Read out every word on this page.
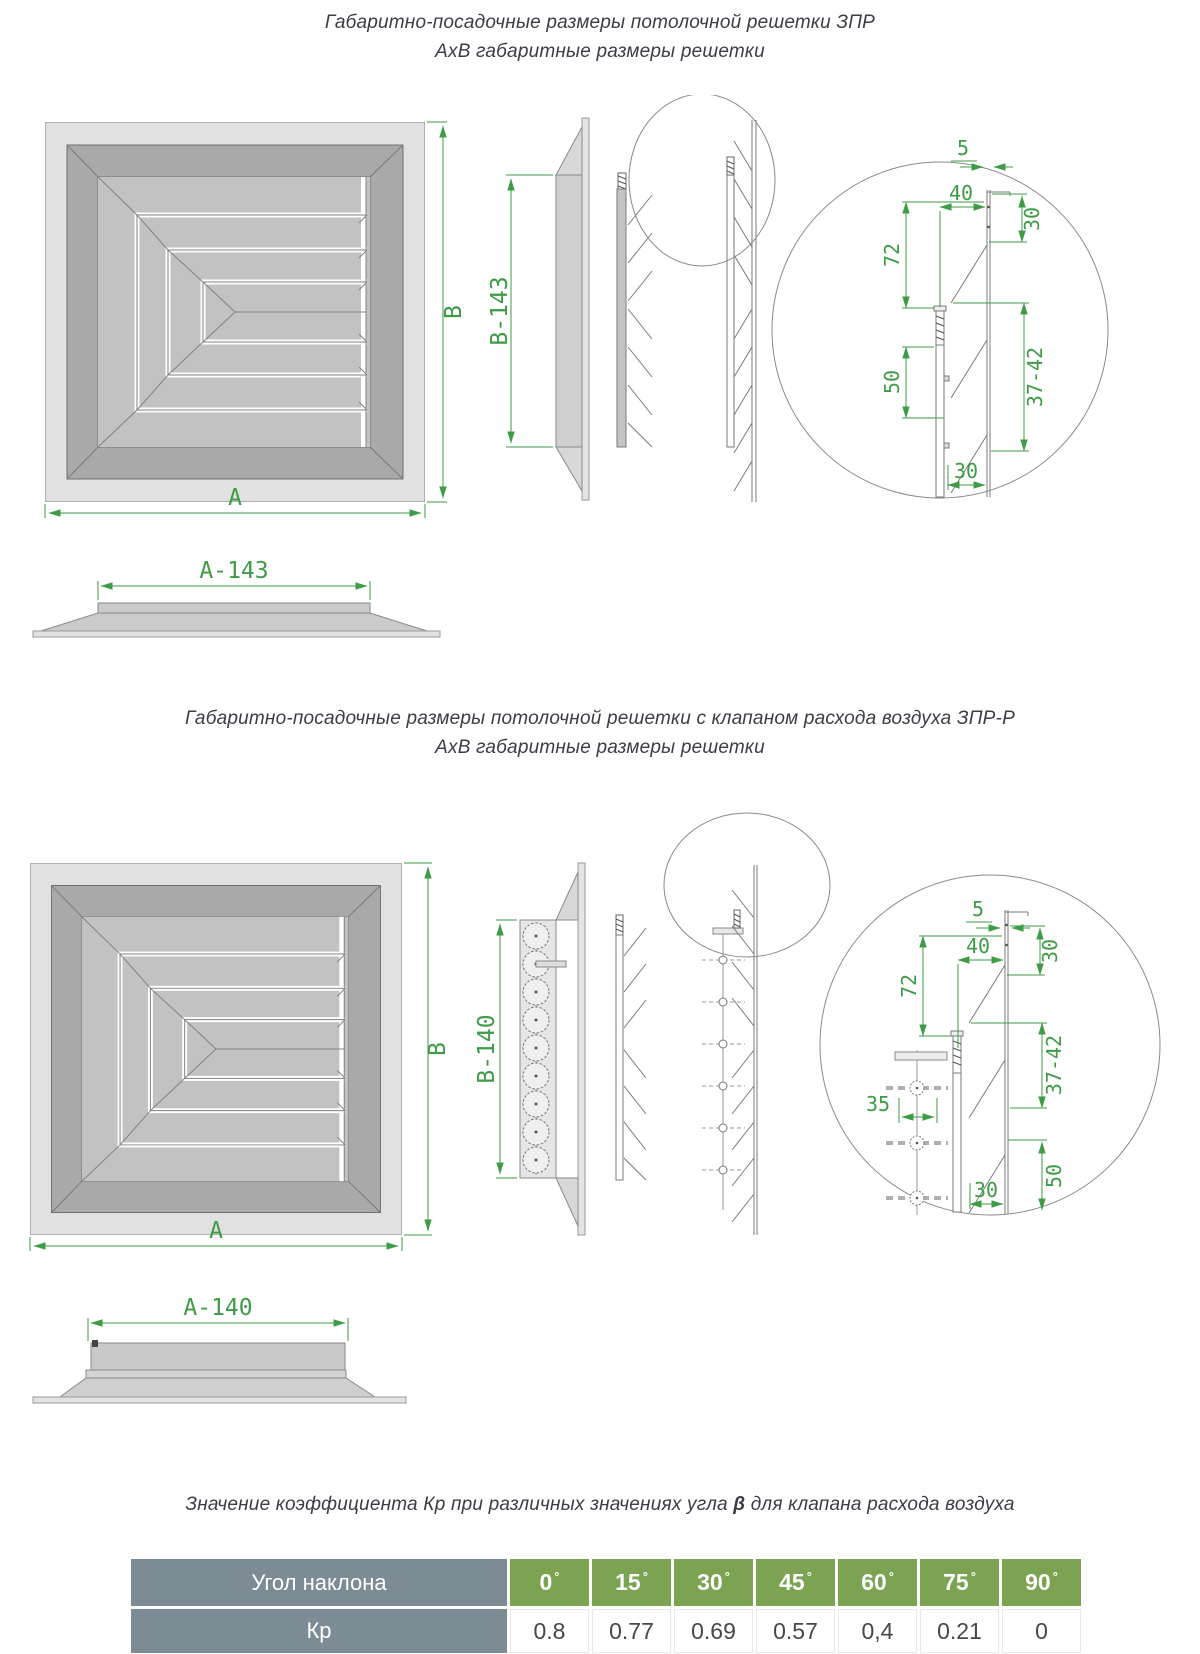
Габаритно-посадочные размеры потолочной решетки ЗПР
АхВ габаритные размеры решетки
B
A
A-143
B-143
5
40
30
72
50
30
37-42
Габаритно-посадочные размеры потолочной решетки с клапаном расхода воздуха ЗПР-Р
АхВ габаритные размеры решетки
B
A
A-140
B-140
5
40 30
72
35
37-42
30
50
Значение коэффициента Кр при различных значениях угла β для клапана расхода воздуха
Угол наклона	0 °	15 °	30 °	45 °	60 °	75 °	90 °
Кр	0.8	0.77	0.69	0.57	0,4	0.21	0
